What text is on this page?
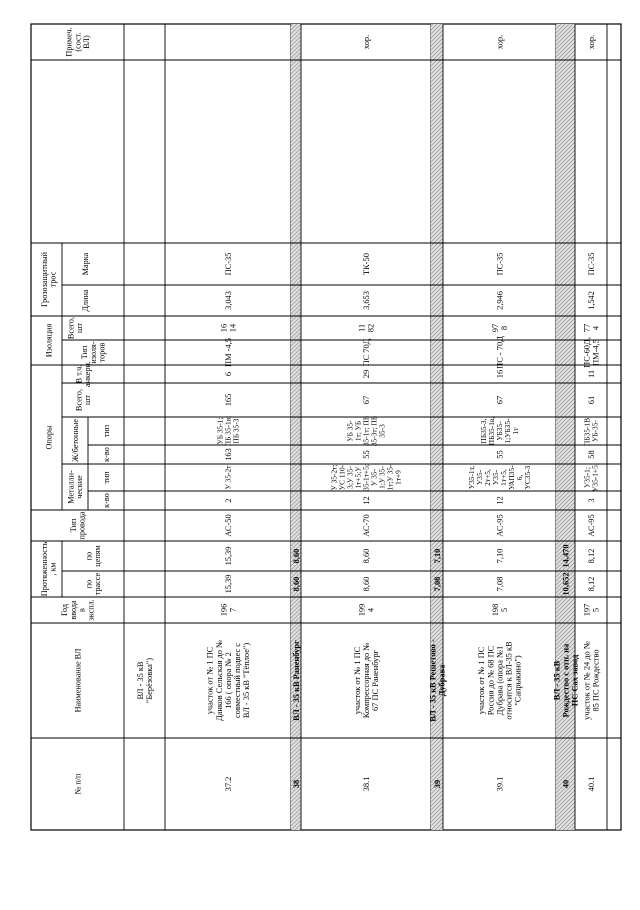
№ п/п
Наименование ВЛ
Годвводавэкспл.
Протяженность, км
потрассе
поцепям
Типпровода
Опоры
Металли-ческие
Ж/бетонные
к-во
тип
к-во
тип
Всего,шт
В т.ч.анкерн.
Изоляция	Типизоля-торов
Всего,шт
Грозозащитныйтрос
Длина
Марка
Примеч.(сост.ВЛ)
ВЛ - 35 кВ"Берёзовка")
37.2
участок от № 1 ПСДанков Сельская до №166 ( опора № 2совместный подвес сВЛ - 35 кВ "Тёплое")
1967
15,39
15,39
АС-50
2
У 35-2т
163
УБ 35-1;ПБ 35-1в;ПБ 35-3
165
6
ПМ -4,5
1614
3,043
ПС-35
38
ВЛ - 35 кВ Раненбург
8,60
8,60
38.1
участок от № 1 ПСКомпрессорная до №67 ПС Раненбург
1994
8,60
8,60
АС-70
12
У 35-2т;УС 110-3;У 35-1т+5;У35-1т+5;У 35-1;У 35-1т;У 35-1т+9
55
УБ 35-1т; УБ35-1т; ПБ35-3т; ПБ35-3
67
29
ПС 70Д
1182
3,653
ТК-50
хор.
39
ВЛ - 35 кВ Решетово -Дубрава
7,08
7,10
39.1
участок от № 1 ПСРоссия до № 68 ПСДубрава (опора №1относится к ВЛ-35 кВ"Сапрыкино")
1985
7,08
7,10
АС-95
12
У35-1т,У35-2т+5,У35-1т+5,УАП35-6,УС35-3
55
ПБ35-3,ПБ35-1в,УБ35-1;УБ35-1т
67
16
ПС - 70Д
978
2,946
ПС-35
хор.
40
ВЛ - 35 кВРождество с отп. наПС Сах завод
10,652
14,470
40.1
участок от № 24 до №85 ПС Рождество
1975
8,12
8,12
АС-95
3
У35-1;У35-1+5;
58
ПБ35-1В,УБ-35-
61
11
ПС-60Д,ПМ-4,5
774
1,542
ПС-35
хор.
